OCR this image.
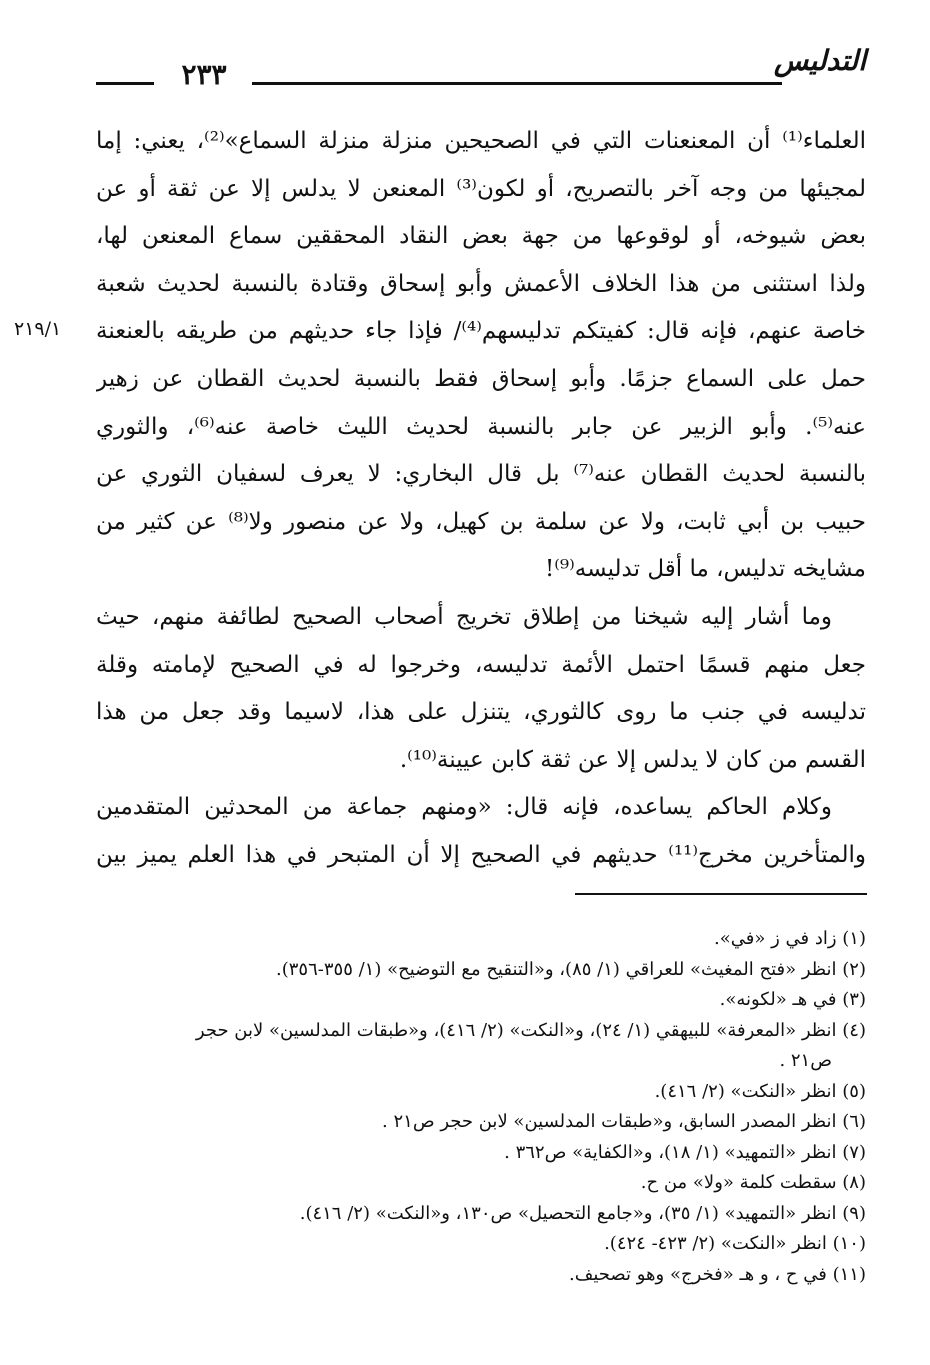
التدليس
٢٣٣
٢١٩/١
العلماء⁽¹⁾ أن المعنعنات التي في الصحيحين منزلة منزلة السماع»⁽²⁾، يعني: إما
لمجيئها من وجه آخر بالتصريح، أو لكون⁽³⁾ المعنعن لا يدلس إلا عن ثقة أو عن
بعض شيوخه، أو لوقوعها من جهة بعض النقاد المحققين سماع المعنعن لها،
ولذا استثنى من هذا الخلاف الأعمش وأبو إسحاق وقتادة بالنسبة لحديث شعبة
خاصة عنهم، فإنه قال: كفيتكم تدليسهم⁽⁴⁾/ فإذا جاء حديثهم من طريقه بالعنعنة
حمل على السماع جزمًا. وأبو إسحاق فقط بالنسبة لحديث القطان عن زهير
عنه⁽⁵⁾. وأبو الزبير عن جابر بالنسبة لحديث الليث خاصة عنه⁽⁶⁾، والثوري
بالنسبة لحديث القطان عنه⁽⁷⁾ بل قال البخاري: لا يعرف لسفيان الثوري عن
حبيب بن أبي ثابت، ولا عن سلمة بن كهيل، ولا عن منصور ولا⁽⁸⁾ عن كثير من
مشايخه تدليس، ما أقل تدليسه⁽⁹⁾!
وما أشار إليه شيخنا من إطلاق تخريج أصحاب الصحيح لطائفة منهم، حيث
جعل منهم قسمًا احتمل الأئمة تدليسه، وخرجوا له في الصحيح لإمامته وقلة
تدليسه في جنب ما روى كالثوري، يتنزل على هذا، لاسيما وقد جعل من هذا
القسم من كان لا يدلس إلا عن ثقة كابن عيينة⁽¹⁰⁾.
وكلام الحاكم يساعده، فإنه قال: «ومنهم جماعة من المحدثين المتقدمين
والمتأخرين مخرج⁽¹¹⁾ حديثهم في الصحيح إلا أن المتبحر في هذا العلم يميز بين
(١) زاد في ز «في».
(٢) انظر «فتح المغيث» للعراقي (١/ ٨٥)، و«التنقيح مع التوضيح» (١/ ٣٥٥-٣٥٦).
(٣) في هـ «لكونه».
(٤) انظر «المعرفة» للبيهقي (١/ ٢٤)، و«النكت» (٢/ ٤١٦)، و«طبقات المدلسين» لابن حجر
ص٢١ .
(٥) انظر «النكت» (٢/ ٤١٦).
(٦) انظر المصدر السابق، و«طبقات المدلسين» لابن حجر ص٢١ .
(٧) انظر «التمهيد» (١/ ١٨)، و«الكفاية» ص٣٦٢ .
(٨) سقطت كلمة «ولا» من ح.
(٩) انظر «التمهيد» (١/ ٣٥)، و«جامع التحصيل» ص١٣٠، و«النكت» (٢/ ٤١٦).
(١٠) انظر «النكت» (٢/ ٤٢٣- ٤٢٤).
(١١) في ح ، و هـ «فخرج» وهو تصحيف.
